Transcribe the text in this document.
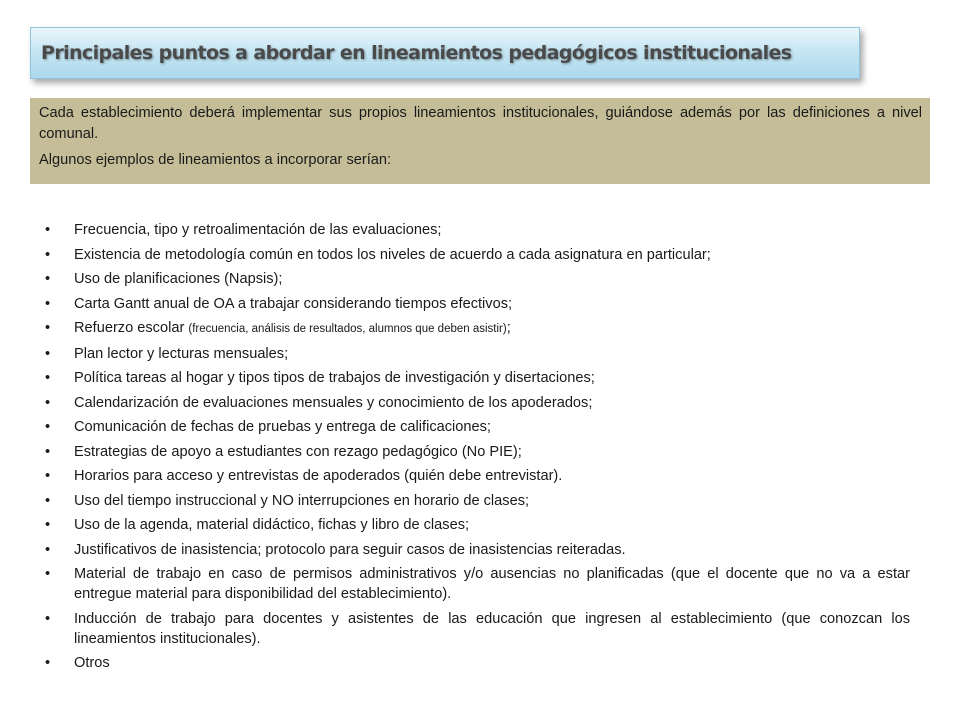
Principales puntos a abordar en lineamientos pedagógicos institucionales

Cada establecimiento deberá implementar sus propios lineamientos institucionales, guiándose además por las definiciones a nivel comunal.

Algunos ejemplos de lineamientos a incorporar serían:

• Frecuencia, tipo y retroalimentación de las evaluaciones;
• Existencia de metodología común en todos los niveles de acuerdo a cada asignatura en particular;
• Uso de planificaciones (Napsis);
• Carta Gantt anual de OA a trabajar considerando tiempos efectivos;
• Refuerzo escolar (frecuencia, análisis de resultados, alumnos que deben asistir);
• Plan lector y lecturas mensuales;
• Política tareas al hogar y tipos tipos de trabajos de investigación y disertaciones;
• Calendarización de evaluaciones mensuales y conocimiento de los apoderados;
• Comunicación de fechas de pruebas y entrega de calificaciones;
• Estrategias de apoyo a estudiantes con rezago pedagógico (No PIE);
• Horarios para acceso y entrevistas de apoderados (quién debe entrevistar).
• Uso del tiempo instruccional y NO interrupciones en horario de clases;
• Uso de la agenda, material didáctico, fichas y libro de clases;
• Justificativos de inasistencia; protocolo para seguir casos de inasistencias reiteradas.
• Material de trabajo en caso de permisos administrativos y/o ausencias no planificadas (que el docente que no va a estar entregue material para disponibilidad del establecimiento).
• Inducción de trabajo para docentes y asistentes de las educación que ingresen al establecimiento (que conozcan los lineamientos institucionales).
• Otros
